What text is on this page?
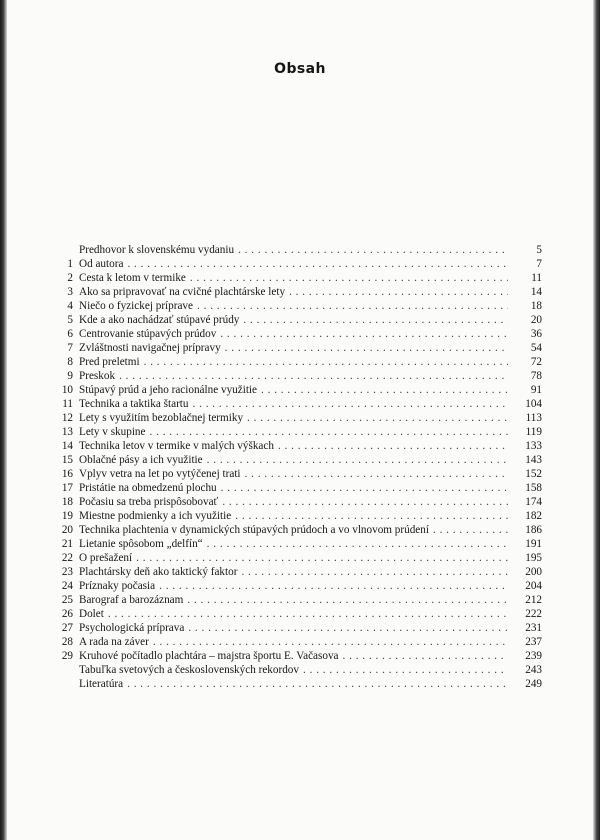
Obsah
Predhovor k slovenskému vydaniu . . .	5
1 Od autora . . .	7
2 Cesta k letom v termike . . .	11
3 Ako sa pripravovať na cvičné plachtárske lety . . .	14
4 Niečo o fyzickej príprave . . .	18
5 Kde a ako nachádzať stúpavé prúdy . . .	20
6 Centrovanie stúpavých prúdov . . .	36
7 Zvláštnosti navigačnej prípravy . . .	54
8 Pred preletmi . . .	72
9 Preskok . . .	78
10 Stúpavý prúd a jeho racionálne využitie . . .	91
11 Technika a taktika štartu . . .	104
12 Lety s využitím bezoblačnej termiky . . .	113
13 Lety v skupine . . .	119
14 Technika letov v termike v malých výškach . . .	133
15 Oblačné pásy a ich využitie . . .	143
16 Vplyv vetra na let po vytýčenej trati . . .	152
17 Pristátie na obmedzenú plochu . . .	158
18 Počasiu sa treba prispôsobovať . . .	174
19 Miestne podmienky a ich využitie . . .	182
20 Technika plachtenia v dynamických stúpavých prúdoch a vo vlnovom prúdení . . .	186
21 Lietanie spôsobom „delfín“ . . .	191
22 O prešažení . . .	195
23 Plachtársky deň ako taktický faktor . . .	200
24 Príznaky počasia . . .	204
25 Barograf a barozáznam . . .	212
26 Dolet . . .	222
27 Psychologická príprava . . .	231
28 A rada na záver . . .	237
29 Kruhové počítadlo plachtára – majstra športu E. Vačasova . . .	239
Tabuľka svetových a československých rekordov . . .	243
Literatúra . . .	249
